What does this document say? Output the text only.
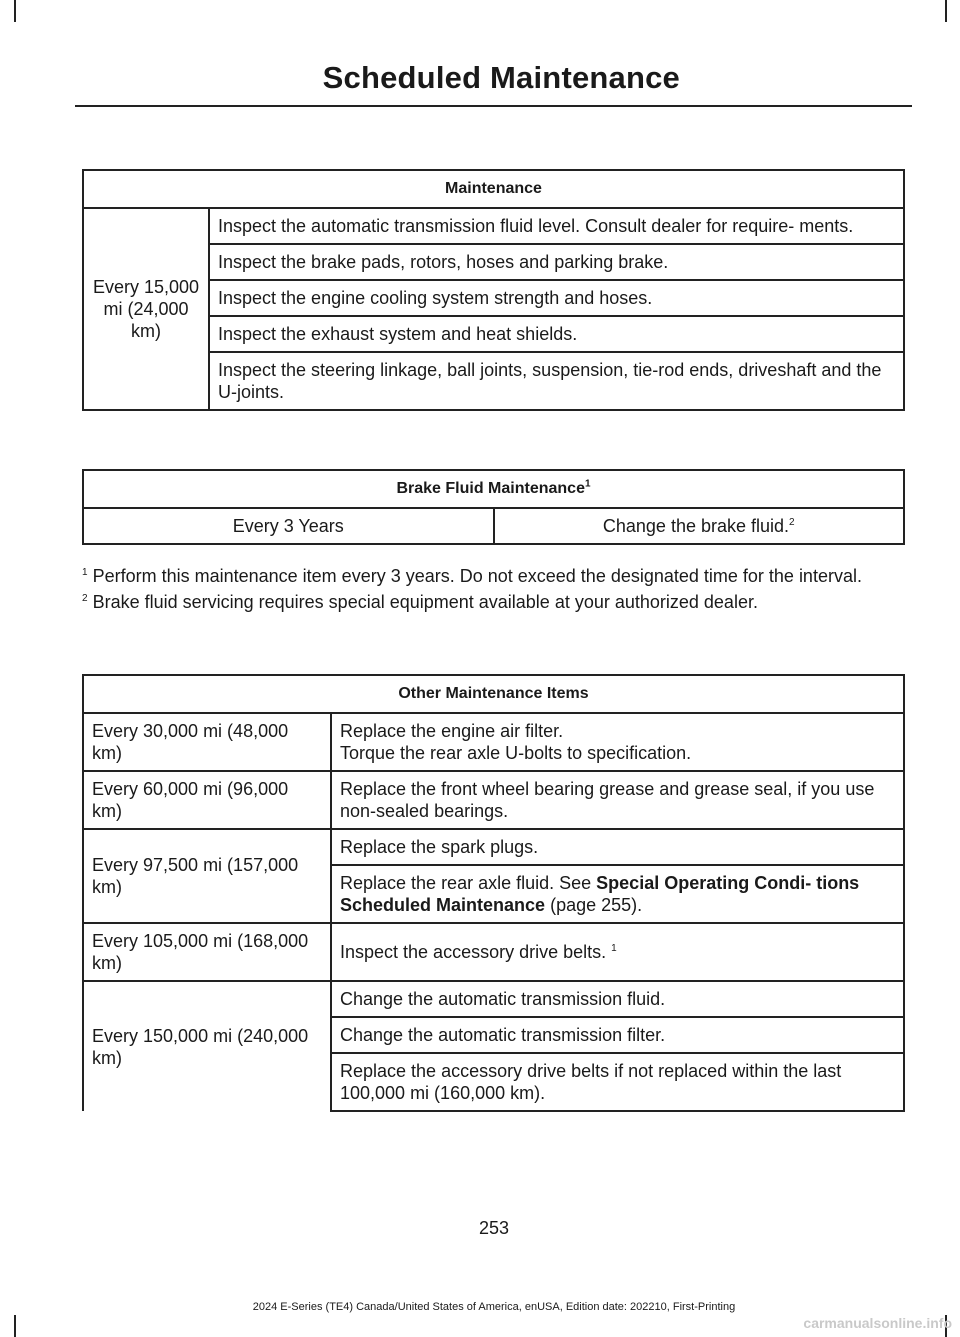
Scheduled Maintenance
Maintenance
Every 15,000 mi (24,000 km)	Inspect the automatic transmission fluid level. Consult dealer for require- ments.
Inspect the brake pads, rotors, hoses and parking brake.
Inspect the engine cooling system strength and hoses.
Inspect the exhaust system and heat shields.
Inspect the steering linkage, ball joints, suspension, tie-rod ends, driveshaft and the U-joints.
Brake Fluid Maintenance$^1$
Every 3 Years	Change the brake fluid.$^2$

$^1$ Perform this maintenance item every 3 years. Do not exceed the designated time for the interval.

$^2$ Brake fluid servicing requires special equipment available at your authorized dealer.

Other Maintenance Items	
Every 30,000 mi (48,000 km)	Replace the engine air filter.
Torque the rear axle U-bolts to specification.

Every 60,000 mi (96,000 km)	Replace the front wheel bearing grease and grease seal, if you use non-sealed bearings.
Every 97,500 mi (157,000 km)	Replace the spark plugs.
	Replace the rear axle fluid. See Special Operating Condi- tions Scheduled Maintenance (page 255).
Every 105,000 mi (168,000 km)	Inspect the accessory drive belts. $^1$
Every 150,000 mi (240,000 km)	Change the automatic transmission fluid.
	Change the automatic transmission filter.
	Replace the accessory drive belts if not replaced within the last 100,000 mi (160,000 km).
253
2024 E-Series (TE4) Canada/United States of America, enUSA, Edition date: 202210, First-Printing
carmanualsonline.info
